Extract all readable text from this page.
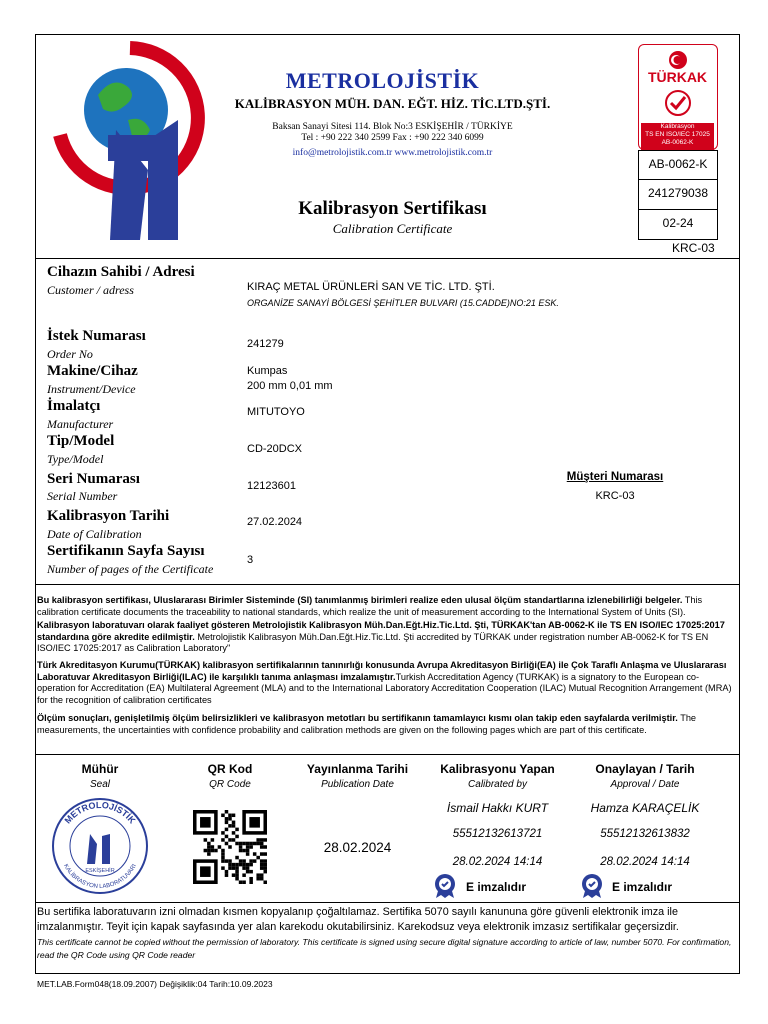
METROLOJİSTİK
KALİBRASYON MÜH. DAN. EĞT. HİZ. TİC.LTD.ŞTİ.
Baksan Sanayi Sitesi 114. Blok No:3 ESKİŞEHİR / TÜRKİYE
Tel : +90 222 340 2599 Fax : +90 222 340 6099
info@metrolojistik.com.tr www.metrolojistik.com.tr
Kalibrasyon Sertifikası
Calibration Certificate
TÜRKAK
Kalibrasyon
TS EN ISO/IEC 17025
AB-0062-K
AB-0062-K
241279038
02-24
KRC-03
Cihazın Sahibi / Adresi
Customer / adress	KIRAÇ METAL ÜRÜNLERİ SAN VE TİC. LTD. ŞTİ.
ORGANİZE SANAYİ BÖLGESİ ŞEHİTLER BULVARI (15.CADDE)NO:21 ESK.
İstek Numarası
Order No
241279
Makine/Cihaz
Instrument/Device
Kumpas
200 mm 0,01 mm
İmalatçı
Manufacturer
MITUTOYO
Tip/Model
Type/Model
CD-20DCX
Seri Numarası
Serial Number
12123601
Müşteri Numarası
KRC-03
Kalibrasyon Tarihi
Date of Calibration
27.02.2024
Sertifikanın Sayfa Sayısı
Number of pages of the Certificate
3
Bu kalibrasyon sertifikası, Uluslararası Birimler Sisteminde (SI) tanımlanmış birimleri realize eden ulusal ölçüm standartlarına izlenebilirliği belgeler. This calibration certificate documents the traceability to national standards, which realize the unit of measurement according to the International System of Units (SI).
Kalibrasyon laboratuvarı olarak faaliyet gösteren Metrolojistik Kalibrasyon Müh.Dan.Eğt.Hiz.Tic.Ltd. Şti, TÜRKAK'tan AB-0062-K ile TS EN ISO/IEC 17025:2017 standardına göre akredite edilmiştir. Metrolojistik Kalibrasyon Müh.Dan.Eğt.Hiz.Tic.Ltd. Şti accredited by TÜRKAK under registration number AB-0062-K for TS EN ISO/IEC 17025:2017 as Calibration Laboratory"
Türk Akreditasyon Kurumu(TÜRKAK) kalibrasyon sertifikalarının tanınırlığı konusunda Avrupa Akreditasyon Birliği(EA) ile Çok Taraflı Anlaşma ve Uluslararası Laboratuvar Akreditasyon Birliği(ILAC) ile karşılıklı tanıma anlaşması imzalamıştır.Turkish Accreditation Agency (TURKAK) is a signatory to the European co-operation for Accreditation (EA) Multilateral Agreement (MLA) and to the International Laboratory Accreditation Cooperation (ILAC) Mutual Recognition Arrangement (MRA) for the recognition of calibration certificates
Ölçüm sonuçları, genişletilmiş ölçüm belirsizlikleri ve kalibrasyon metotları bu sertifikanın tamamlayıcı kısmı olan takip eden sayfalarda verilmiştir. The measurements, the uncertainties with confidence probability and calibration methods are given on the following pages which are part of this certificate.
Mühür
Seal
QR Kod
QR Code
Yayınlanma Tarihi
Publication Date
Kalibrasyonu Yapan
Calibrated by
Onaylayan / Tarih
Approval / Date
METROLOJİSTİK
KALİBRASYON LABORATUVARI
ESKİŞEHİR
28.02.2024
İsmail Hakkı KURT
55512132613721
28.02.2024 14:14
E imzalıdır
Hamza KARAÇELİK
55512132613832
28.02.2024 14:14
E imzalıdır
Bu sertifika laboratuvarın izni olmadan kısmen kopyalanıp çoğaltılamaz. Sertifika 5070 sayılı kanununa göre güvenli elektronik imza ile imzalanmıştır. Teyit için kapak sayfasında yer alan karekodu okutabilirsiniz. Karekodsuz veya elektronik imzasız sertifikalar geçersizdir.
This certificate cannot be copied without the permission of laboratory. This certificate is signed using secure digital signature according to article of law, number 5070. For confirmation, read the QR Code using QR Code reader
MET.LAB.Form048(18.09.2007) Değişiklik:04 Tarih:10.09.2023
